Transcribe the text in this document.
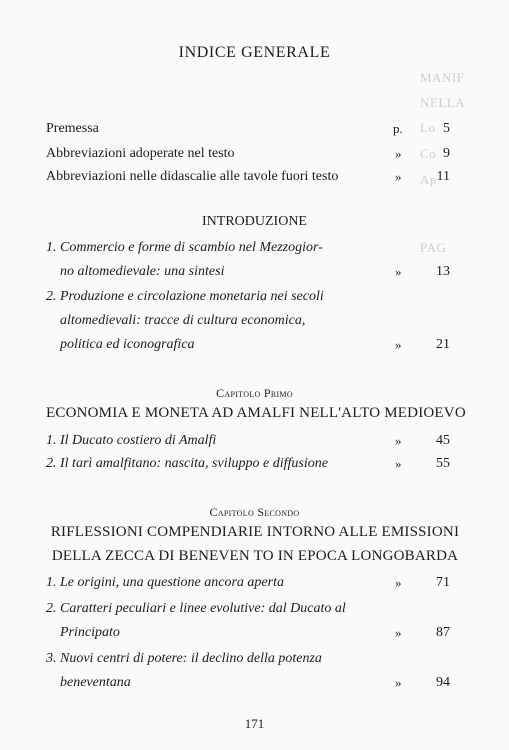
MANIF
NELLA
Lo
Co
Ap
PAG
INDICE GENERALE
Premessa	p.	5
Abbreviazioni adoperate nel testo	»	9
Abbreviazioni nelle didascalie alle tavole fuori testo	»	11
INTRODUZIONE
1. Commercio e forme di scambio nel Mezzogior-
no altomedievale: una sintesi	»	13
2. Produzione e circolazione monetaria nei secoli
altomedievali: tracce di cultura economica,
politica ed iconografica	»	21
Capitolo Primo
ECONOMIA E MONETA AD AMALFI NELL'ALTO MEDIOEVO
1. Il Ducato costiero di Amalfi	»	45
2. Il tarì amalfitano: nascita, sviluppo e diffusione	»	55
Capitolo Secondo
RIFLESSIONI COMPENDIARIE INTORNO ALLE EMISSIONI
DELLA ZECCA DI BENEVEN TO IN EPOCA LONGOBARDA
1. Le origini, una questione ancora aperta	»	71
2. Caratteri peculiari e linee evolutive: dal Ducato al
Principato	»	87
3. Nuovi centri di potere: il declino della potenza
beneventana	»	94
171
